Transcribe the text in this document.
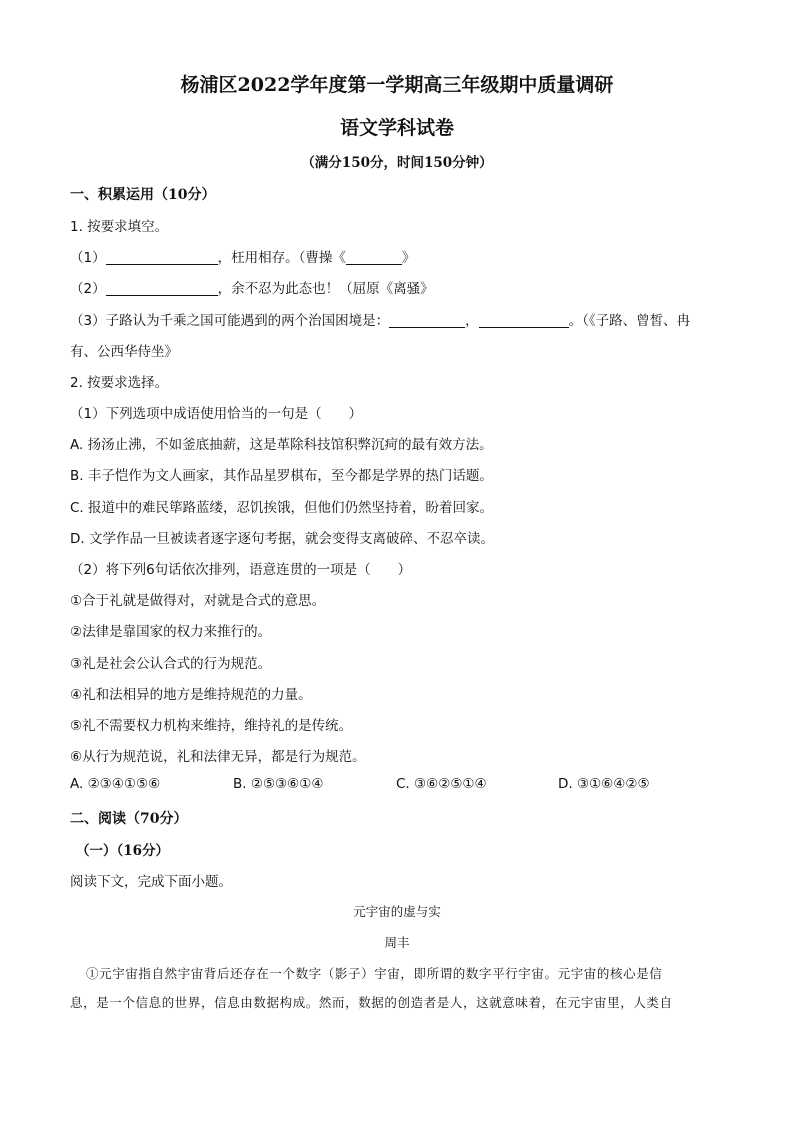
杨浦区2022学年度第一学期高三年级期中质量调研
语文学科试卷
（满分150分，时间150分钟）
一、积累运用（10分）
1. 按要求填空。
（1）	，枉用相存。（曹操《	》
（2）	，余不忍为此态也！（屈原《离骚》
（3）子路认为千乘之国可能遇到的两个治国困境是：	，	。（《子路、曾皙、冉
有、公西华侍坐》
2. 按要求选择。
（1）下列选项中成语使用恰当的一句是（　　）
A. 扬汤止沸，不如釜底抽薪，这是革除科技馆积弊沉疴的最有效方法。
B. 丰子恺作为文人画家，其作品星罗棋布，至今都是学界的热门话题。
C. 报道中的难民筚路蓝缕，忍饥挨饿，但他们仍然坚持着，盼着回家。
D. 文学作品一旦被读者逐字逐句考据，就会变得支离破碎、不忍卒读。
（2）将下列6句话依次排列，语意连贯的一项是（　　）
①合于礼就是做得对，对就是合式的意思。
②法律是靠国家的权力来推行的。
③礼是社会公认合式的行为规范。
④礼和法相异的地方是维持规范的力量。
⑤礼不需要权力机构来维持，维持礼的是传统。
⑥从行为规范说，礼和法律无异，都是行为规范。
A. ②③④①⑤⑥	B. ②⑤③⑥①④	C. ③⑥②⑤①④	D. ③①⑥④②⑤
二、阅读（70分）
（一）（16分）
阅读下文，完成下面小题。
元宇宙的虚与实
周丰
①元宇宙指自然宇宙背后还存在一个数字（影子）宇宙，即所谓的数字平行宇宙。元宇宙的核心是信
息，是一个信息的世界，信息由数据构成。然而，数据的创造者是人，这就意味着，在元宇宙里，人类自
